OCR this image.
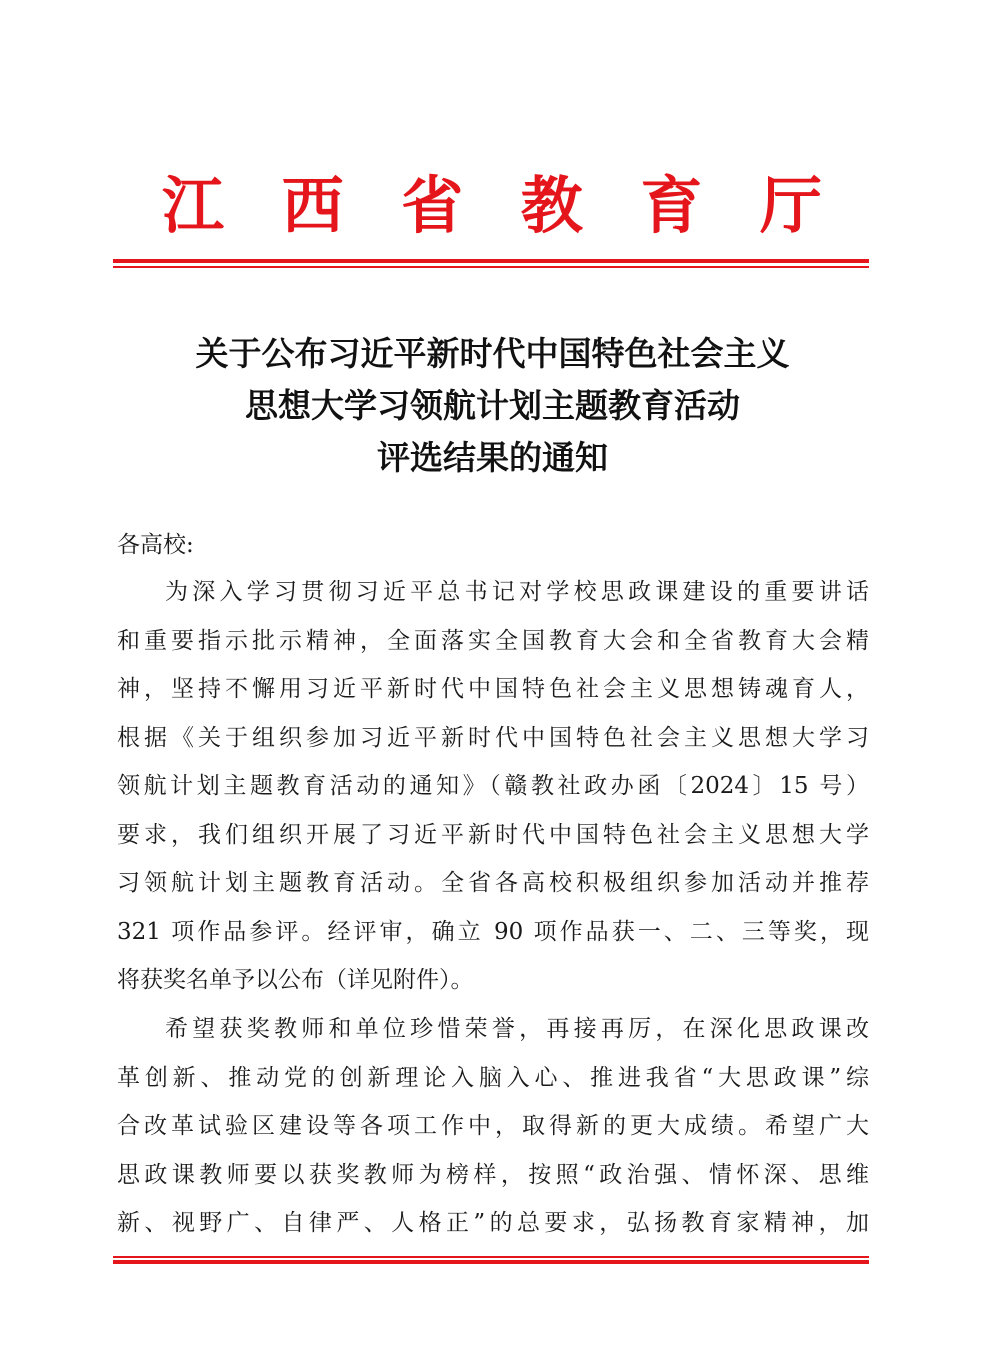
江 西 省 教 育 厅
关于公布习近平新时代中国特色社会主义
思想大学习领航计划主题教育活动
评选结果的通知
各高校:
为深入学习贯彻习近平总书记对学校思政课建设的重要讲话
和重要指示批示精神，全面落实全国教育大会和全省教育大会精
神，坚持不懈用习近平新时代中国特色社会主义思想铸魂育人，
根据《关于组织参加习近平新时代中国特色社会主义思想大学习
领航计划主题教育活动的通知》（赣教社政办函〔2024〕15 号）
要求，我们组织开展了习近平新时代中国特色社会主义思想大学
习领航计划主题教育活动。全省各高校积极组织参加活动并推荐
321 项作品参评。经评审，确立 90 项作品获一、二、三等奖，现
将获奖名单予以公布（详见附件）。
希望获奖教师和单位珍惜荣誉，再接再厉，在深化思政课改
革创新、推动党的创新理论入脑入心、推进我省“大思政课”综
合改革试验区建设等各项工作中，取得新的更大成绩。希望广大
思政课教师要以获奖教师为榜样，按照“政治强、情怀深、思维
新、视野广、自律严、人格正”的总要求，弘扬教育家精神，加
